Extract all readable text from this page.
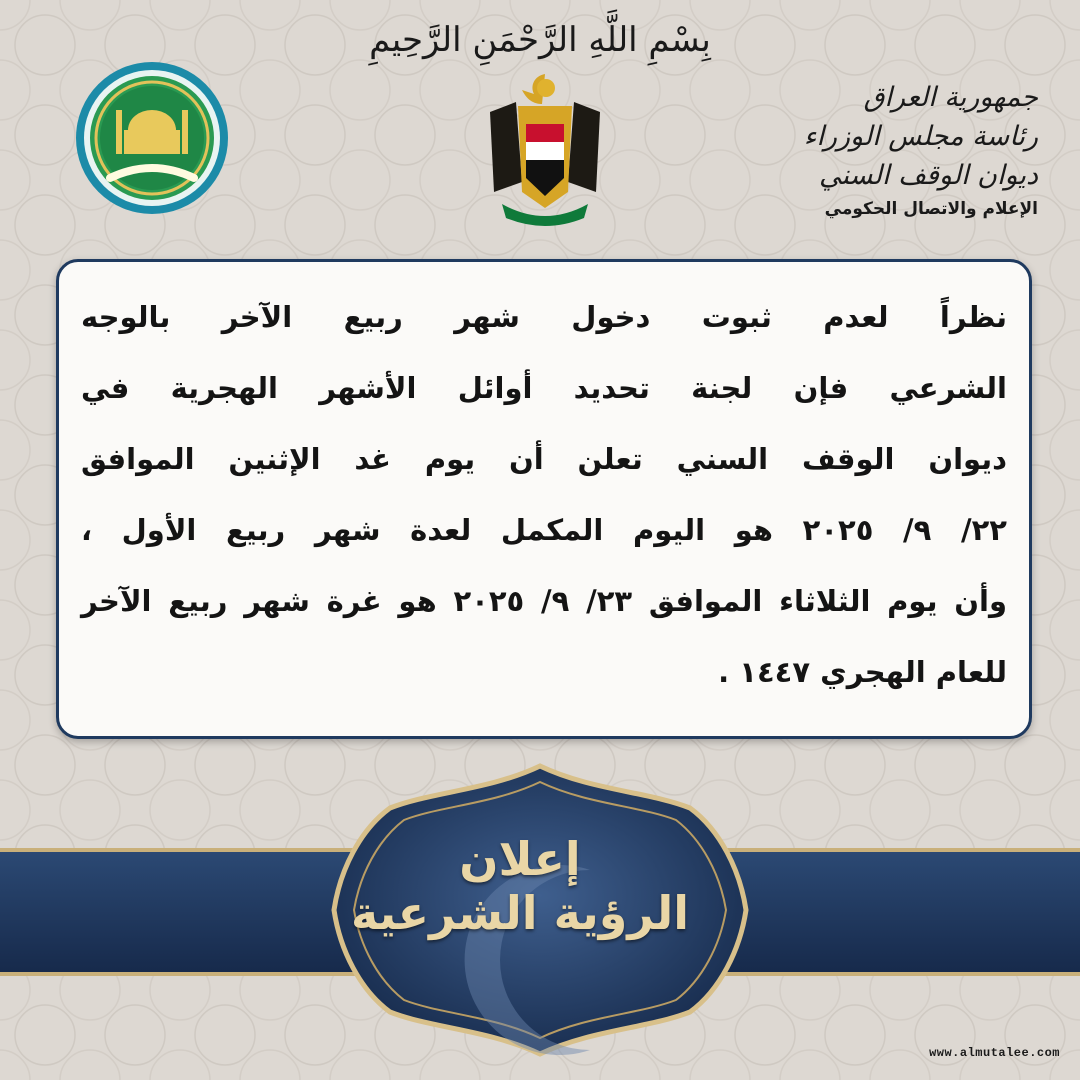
بِسْمِ اللَّهِ الرَّحْمَنِ الرَّحِيمِ
جمهورية العراق
رئاسة مجلس الوزراء
ديوان الوقف السني
الإعلام والاتصال الحكومي
نظراً لعدم ثبوت دخول شهر ربيع الآخر بالوجه
الشرعي فإن لجنة تحديد أوائل الأشهر الهجرية في
ديوان الوقف السني تعلن أن يوم غد الإثنين الموافق
٢٢/ ٩/ ٢٠٢٥ هو اليوم المكمل لعدة شهر ربيع الأول ،
وأن يوم الثلاثاء الموافق ٢٣/ ٩/ ٢٠٢٥ هو غرة شهر ربيع الآخر
للعام الهجري ١٤٤٧ .
إعلان
الرؤية الشرعية
www.almutalee.com
